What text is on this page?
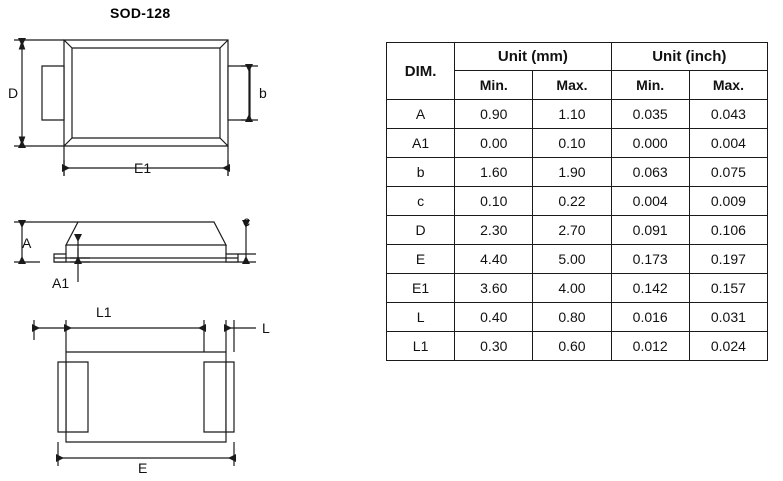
SOD-128
D	b
E1
A
A1
c
L1
L
E
DIM.	Unit (mm)		Unit (inch)	
	Min.	Max.	Min.	Max.
A	0.90	1.10	0.035	0.043
A1	0.00	0.10	0.000	0.004
b	1.60	1.90	0.063	0.075
c	0.10	0.22	0.004	0.009
D	2.30	2.70	0.091	0.106
E	4.40	5.00	0.173	0.197
E1	3.60	4.00	0.142	0.157
L	0.40	0.80	0.016	0.031
L1	0.30	0.60	0.012	0.024
